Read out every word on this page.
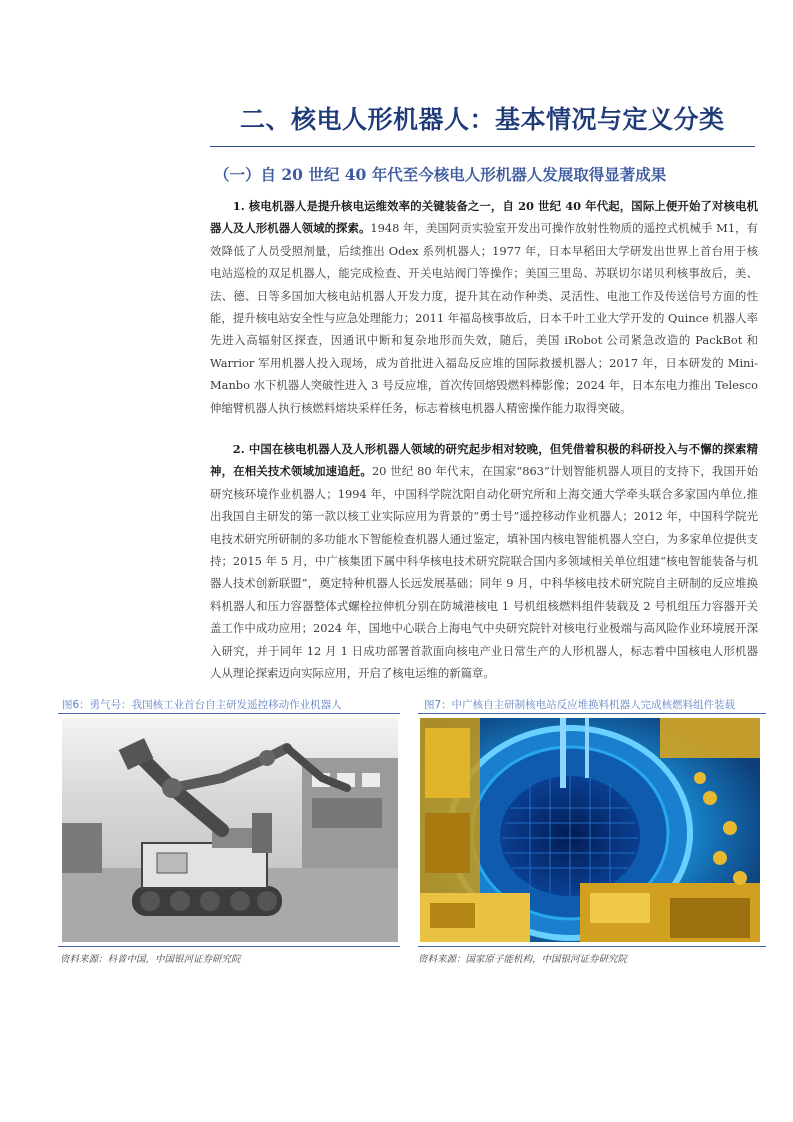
二、核电人形机器人：基本情况与定义分类
（一）自 20 世纪 40 年代至今核电人形机器人发展取得显著成果

1. 核电机器人是提升核电运维效率的关键装备之一，自 20 世纪 40 年代起，国际上便开始了对核电机器人及人形机器人领域的探索。1948 年，美国阿贡实验室开发出可操作放射性物质的遥控式机械手 M1，有效降低了人员受照剂量，后续推出 Odex 系列机器人；1977 年，日本早稻田大学研发出世界上首台用于核电站巡检的双足机器人，能完成检查、开关电站阀门等操作；美国三里岛、苏联切尔诺贝利核事故后，美、法、德、日等多国加大核电站机器人开发力度，提升其在动作种类、灵活性、电池工作及传送信号方面的性能，提升核电站安全性与应急处理能力；2011 年福岛核事故后，日本千叶工业大学开发的 Quince 机器人率先进入高辐射区探查，因通讯中断和复杂地形而失效，随后，美国 iRobot 公司紧急改造的 PackBot 和 Warrior 军用机器人投入现场，成为首批进入福岛反应堆的国际救援机器人；2017 年，日本研发的 Mini-Manbo 水下机器人突破性进入 3 号反应堆，首次传回熔毁燃料棒影像；2024 年，日本东电力推出 Telesco 伸缩臂机器人执行核燃料熔块采样任务，标志着核电机器人精密操作能力取得突破。

2. 中国在核电机器人及人形机器人领域的研究起步相对较晚，但凭借着积极的科研投入与不懈的探索精神，在相关技术领域加速追赶。20 世纪 80 年代末，在国家“863”计划智能机器人项目的支持下，我国开始研究核环境作业机器人；1994 年，中国科学院沈阳自动化研究所和上海交通大学牵头联合多家国内单位,推出我国自主研发的第一款以核工业实际应用为背景的“勇士号”遥控移动作业机器人；2012 年，中国科学院光电技术研究所研制的多功能水下智能检查机器人通过鉴定，填补国内核电智能机器人空白，为多家单位提供支持；2015 年 5 月，中广核集团下属中科华核电技术研究院联合国内多领域相关单位组建“核电智能装备与机器人技术创新联盟”，奠定特种机器人长远发展基础；同年 9 月，中科华核电技术研究院自主研制的反应堆换料机器人和压力容器整体式螺栓拉伸机分别在防城港核电 1 号机组核燃料组件装载及 2 号机组压力容器开关盖工作中成功应用；2024 年，国地中心联合上海电气中央研究院针对核电行业极端与高风险作业环境展开深入研究，并于同年 12 月 1 日成功部署首款面向核电产业日常生产的人形机器人，标志着中国核电人形机器人从理论探索迈向实际应用，开启了核电运维的新篇章。

图6：勇气号：我国核工业首台自主研发遥控移动作业机器人
资料来源：科普中国，中国银河证券研究院
图7：中广核自主研制核电站反应堆换料机器人完成核燃料组件装载
资料来源：国家原子能机构，中国银河证券研究院
